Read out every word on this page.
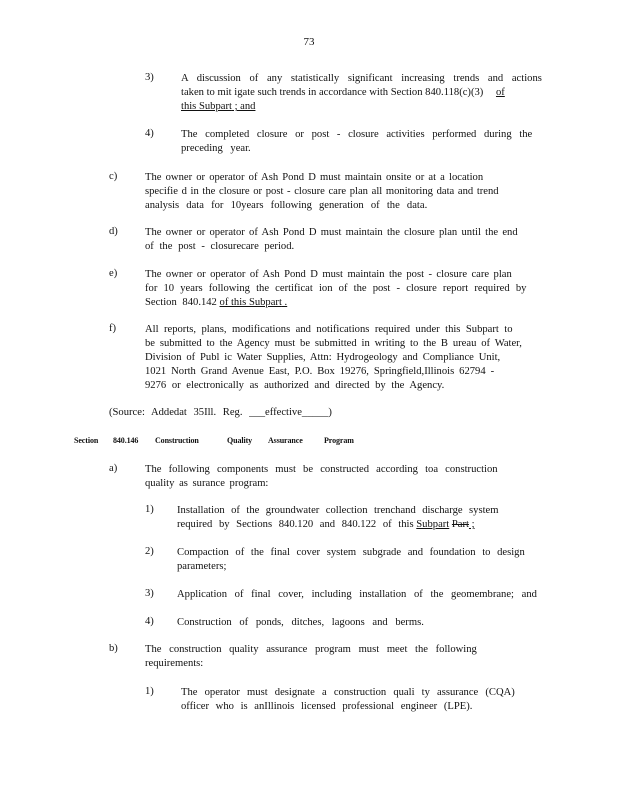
73
3)	A discussion of any statistically significant increasing trends and actions
taken to mit igate such trends in accordance with Section 840.118(c)(3) of
this Subpart ; and
4)	The completed closure or post - closure activities performed during the
preceding year.
c)	The owner or operator of Ash Pond D must maintain onsite or at a location
specifie d in the closure or post - closure care plan all monitoring data and trend
analysis data for 10years following generation of the data.
d)	The owner or operator of Ash Pond D must maintain the closure plan until the end
of the post - closurecare period.
e)	The owner or operator of Ash Pond D must maintain the post - closure care plan
for 10 years following the certificat ion of the post - closure report required by
Section 840.142 of this Subpart .
f)	All reports, plans, modifications and notifications required under this Subpart to
be submitted to the Agency must be submitted in writing to the B ureau of Water,
Division of Publ ic Water Supplies, Attn: Hydrogeology and Compliance Unit,
1021 North Grand Avenue East, P.O. Box 19276, Springfield,Illinois 62794 -
9276 or electronically as authorized and directed by the Agency.
(Source: Addedat 35Ill. Reg. ___effective_____)
Section 840.146 Construction	Quality Assurance	Program
a)	The following components must be constructed according toa construction
quality as surance program:
1) Installation of the groundwater collection trenchand discharge system
required by Sections 840.120 and 840.122 of this Subpart Part ;
2) Compaction of the final cover system subgrade and foundation to design
parameters;
3) Application of final cover, including installation of the geomembrane; and
4) Construction of ponds, ditches, lagoons and berms.
b)	The construction quality assurance program must meet the following
requirements:
1)	The operator must designate a construction quali ty assurance (CQA)
officer who is anIllinois licensed professional engineer (LPE).
